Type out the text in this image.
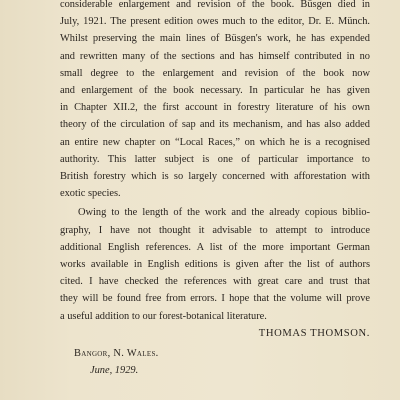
considerable enlargement and revision of the book. Büsgen died in
July, 1921. The present edition owes much to the editor, Dr. E. Münch.
Whilst preserving the main lines of Büsgen's work, he has expended
and rewritten many of the sections and has himself contributed in no
small degree to the enlargement and revision of the book now
and enlargement of the book necessary. In particular he has given
in Chapter XII.2, the first account in forestry literature of his own
theory of the circulation of sap and its mechanism, and has also added
an entire new chapter on “Local Races,” on which he is a recognised
authority. This latter subject is one of particular importance to
British forestry which is so largely concerned with afforestation with
exotic species.
Owing to the length of the work and the already copious biblio-
graphy, I have not thought it advisable to attempt to introduce
additional English references. A list of the more important German
works available in English editions is given after the list of authors
cited. I have checked the references with great care and trust that
they will be found free from errors. I hope that the volume will prove
a useful addition to our forest-botanical literature.
THOMAS THOMSON.
Bangor, N. Wales.
June, 1929.
